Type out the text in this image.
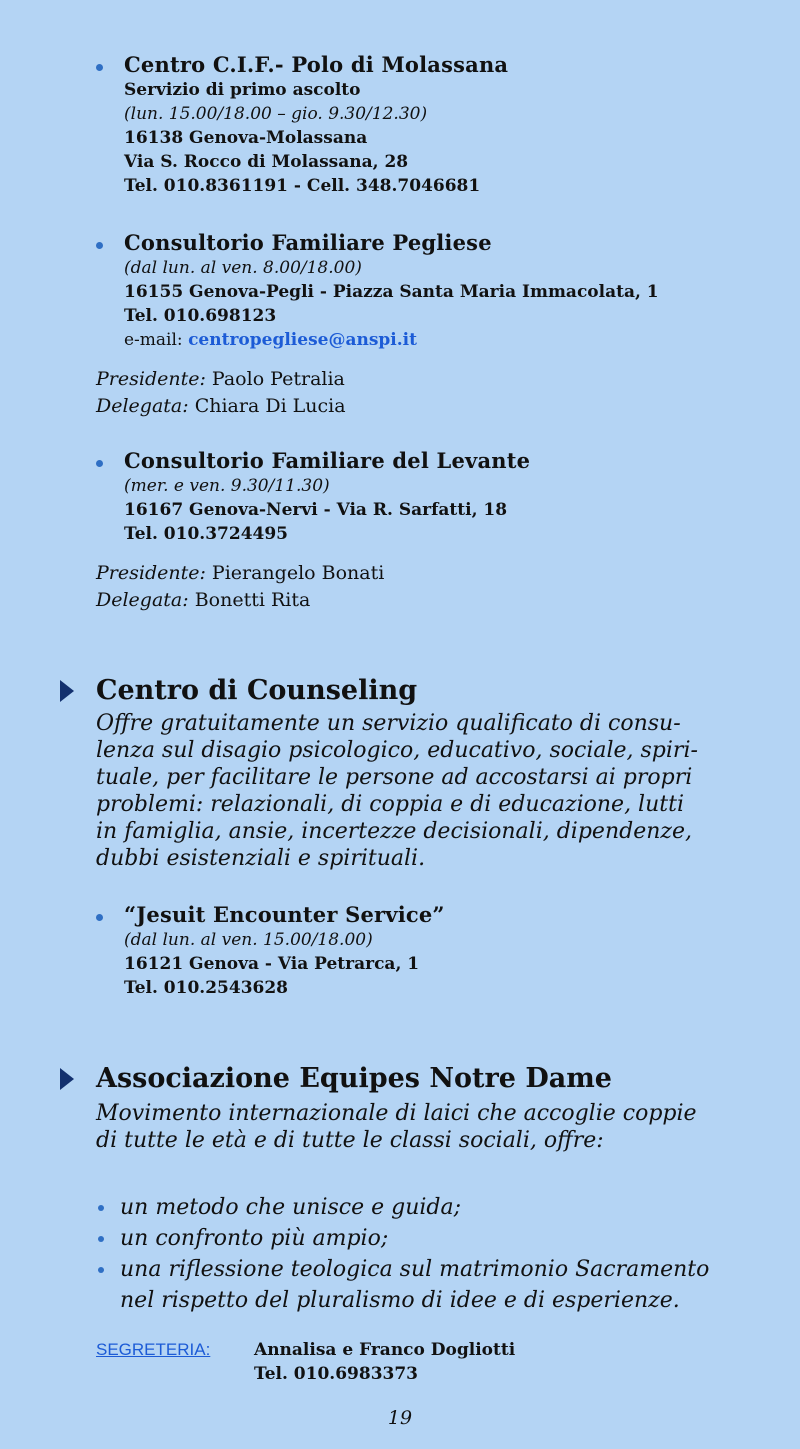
Centro C.I.F.- Polo di Molassana
Servizio di primo ascolto
(lun. 15.00/18.00 – gio. 9.30/12.30)
16138 Genova-Molassana
Via S. Rocco di Molassana, 28
Tel. 010.8361191 - Cell. 348.7046681
Consultorio Familiare Pegliese
(dal lun. al ven. 8.00/18.00)
16155 Genova-Pegli - Piazza Santa Maria Immacolata, 1
Tel. 010.698123
e-mail: centropegliese@anspi.it
Presidente: Paolo Petralia
Delegata: Chiara Di Lucia
Consultorio Familiare del Levante
(mer. e ven. 9.30/11.30)
16167 Genova-Nervi - Via R. Sarfatti, 18
Tel. 010.3724495
Presidente: Pierangelo Bonati
Delegata: Bonetti Rita
Centro di Counseling
Offre gratuitamente un servizio qualificato di consu-
lenza sul disagio psicologico, educativo, sociale, spiri-
tuale, per facilitare le persone ad accostarsi ai propri
problemi: relazionali, di coppia e di educazione, lutti
in famiglia, ansie, incertezze decisionali, dipendenze,
dubbi esistenziali e spirituali.
“Jesuit Encounter Service”
(dal lun. al ven. 15.00/18.00)
16121 Genova - Via Petrarca, 1
Tel. 010.2543628
Associazione Equipes Notre Dame
Movimento internazionale di laici che accoglie coppie
di tutte le età e di tutte le classi sociali, offre:
un metodo che unisce e guida;
un confronto più ampio;
una riflessione teologica sul matrimonio Sacramento
nel rispetto del pluralismo di idee e di esperienze.
SEGRETERIA:	Annalisa e Franco Dogliotti
Tel. 010.6983373
19
